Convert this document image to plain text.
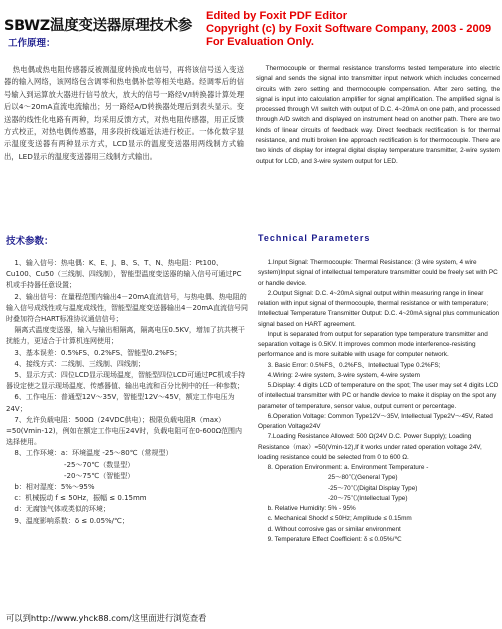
SBWZ温度变送器原理技术参
Edited by Foxit PDF Editor
Copyright (c) by Foxit Software Company, 2003 - 2009
For Evaluation Only.
工作原理：
热电偶或热电阻传感器反被测温度转换成电信号，再将该信号送入变送器的输入网络，该网络包含调零和热电偶补偿等相关电路。经调零后的信号输入到运算放大器进行信号放大，放大的信号一路经V/I转换器计算处理后以4～20mA直流电流输出；另一路经A/D转换器处理后到表头显示。变送器的线性化电路有两种，均采用反馈方式，对热电阻传感器，用正反馈方式校正，对热电偶传感器，用多段折线逼近法进行校正。一体化数字显示温度变送器有两种显示方式，LCD显示的温度变送器用两线制方式输出，LED显示的温度变送器用三线制方式输出。
Thermocouple or thermal resistance transforms tested temperature into electric signal and sends the signal into transmitter input network which includes concerned circuits with zero setting and thermocouple compensation. After zero setting, the signal is input into calculation amplifier for signal amplification. The amplified signal is processed through V/I switch with output of D.C. 4~20mA on one path, and processed through A/D switch and displayed on instrument head on another path. There are two kinds of linear circuits of feedback way. Direct feedback rectification is for thermal resistance, and multi broken line approach rectification is for thermocouple. There are two kinds of display for integral digital display temperature transmitter, 2-wire system output for LCD, and 3-wire system output for LED.
技术参数：	Technical Parameters

1、输入信号：热电偶：K、E、J、B、S、T、N、热电阻：Pt100、Cu100、Cu50（三线制、四线制），智能型温度变送器的输入信号可通过PC机或手持器任意设置；

2、输出信号：在量程范围内输出4－20mA直流信号，与热电偶、热电阻的输入信号成线性或与温度成线性，智能型温度变送器输出4－20mA直流信号同时叠加符合HART标准协议通信信号；

隔离式温度变送器，输入与输出相隔离，隔离电压0.5KV，增加了抗共模干扰能力，更适合于计算机连网使用；

3、基本误差：0.5%FS、0.2%FS、智能型0.2%FS；

4、接线方式：二线制、三线制、四线制；

5、显示方式：四位LCD显示现场温度，智能型四位LCD可通过PC机或手持器设定使之显示现场温度、传感器值、输出电流和百分比例中的任一种参数；

6、工作电压：普通型12V～35V，智能型12V～45V，额定工作电压为24V；

7、允许负载电阻：500Ω（24VDC供电）；极限负载电阻R（max）=50(Vmin-12)，例如在额定工作电压24V时，负载电阻可在0-600Ω范围内选择使用。

8、工作环境：a：环境温度 -25～80℃（常规型）

-25～70℃（数显型）

-20～75℃（智能型）

b：相对湿度：5%～95%

c：机械振动 f ≤ 50Hz，振幅 ≤ 0.15mm

d：无腐蚀气体或类似的环境；

9、温度影响系数：δ ≤ 0.05%/℃；

1.Input Signal: Thermocouple: Thermal Resistance: (3 wire system, 4 wire system)Input signal of intellectual temperature transmitter could be freely set with PC or handle device.

2.Output Signal: D.C. 4~20mA signal output within measuring range in linear relation with input signal of thermocouple, thermal resistance or with temperature; Intellectual Temperature Transmitter Output: D.C. 4~20mA signal plus communication signal based on HART agreement.

Input is separated from output for separation type temperature transmitter and separation voltage is 0.5KV. It improves common mode interference-resisting performance and is more suitable with usage for computer network.

3. Basic Error: 0.5%FS、0.2%FS、Intellectual Type 0.2%FS;

4.Wiring: 2-wire system, 3-wire system, 4-wire system

5.Display: 4 digits LCD of temperature on the spot; The user may set 4 digits LCD of intellectual transmitter with PC or handle device to make it display on the spot any parameter of temperature, sensor value, output current or percentage.

6.Operation Voltage: Common Type12V～35V, Intellectual Type2V～45V, Rated Operation Voltage24V

7.Loading Resistance Allowed: 500 Ω(24V D.C. Power Supply); Loading Resistance（max）=50(Vmin-12),If it works under rated operation voltage 24V, loading resistance could be selected from 0 to 600 Ω.

8. Operation Environment: a. Environment Temperature -

25～80℃(General Type)

-25～70℃(Digital Display Type)

-20～75℃(Intellectual Type)

b. Relative Humidity: 5% - 95%

c. Mechanical Shockf ≤ 50Hz; Amplitude ≤ 0.15mm

d. Without corrosive gas or similar environment

9. Temperature Effect Coefficient: δ ≤ 0.05%/℃

可以到http://www.yhck88.com/这里面进行浏览查看
